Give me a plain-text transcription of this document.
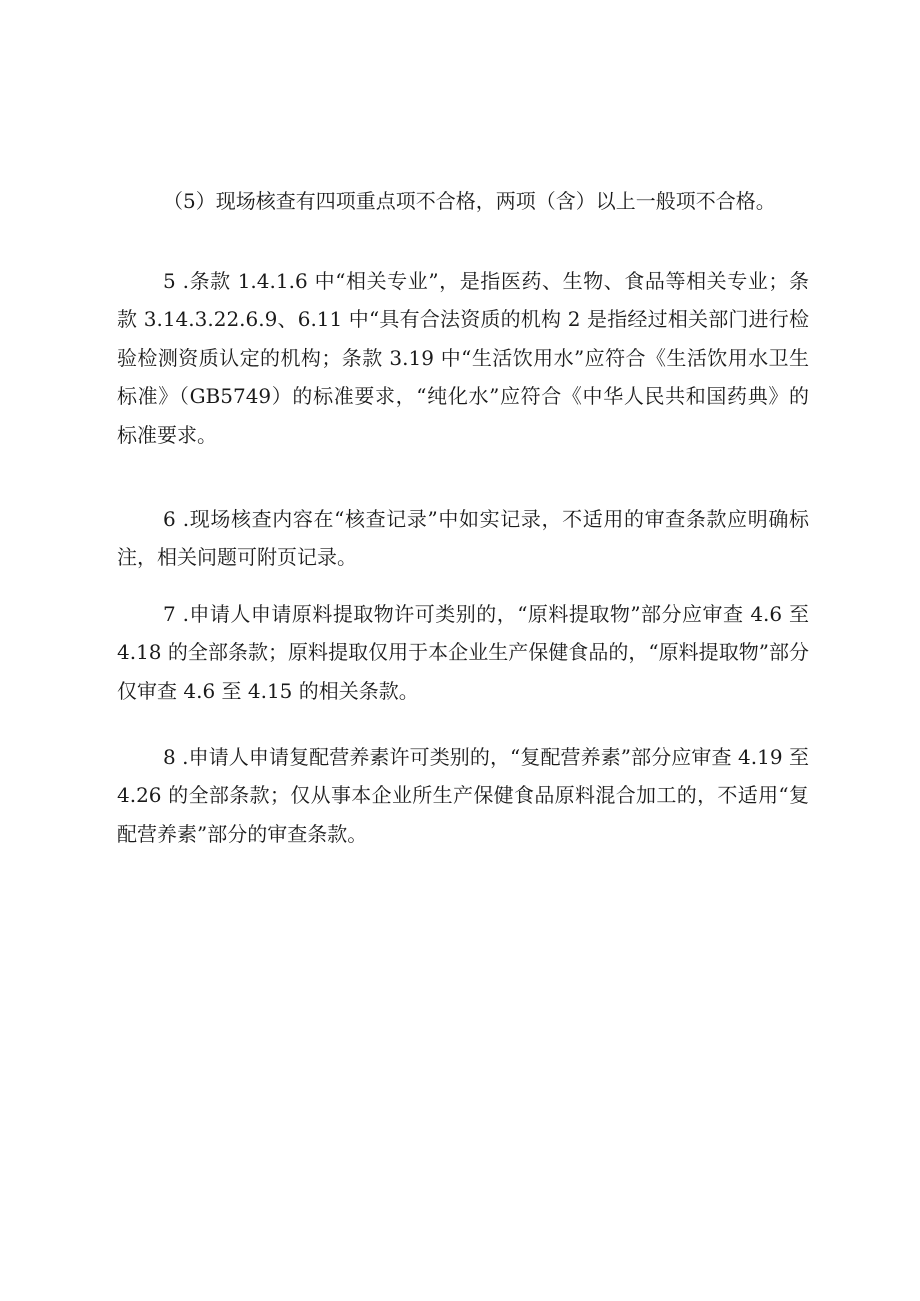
（5）现场核查有四项重点项不合格，两项（含）以上一般项不合格。

5 .条款 1.4.1.6 中“相关专业”，是指医药、生物、食品等相关专业；条款 3.14.3.22.6.9、6.11 中“具有合法资质的机构 2 是指经过相关部门进行检验检测资质认定的机构；条款 3.19 中“生活饮用水”应符合《生活饮用水卫生标准》（GB5749）的标准要求，“纯化水”应符合《中华人民共和国药典》的标准要求。

6 .现场核查内容在“核查记录”中如实记录，不适用的审查条款应明确标注，相关问题可附页记录。

7 .申请人申请原料提取物许可类别的，“原料提取物”部分应审查 4.6 至 4.18 的全部条款；原料提取仅用于本企业生产保健食品的，“原料提取物”部分仅审查 4.6 至 4.15 的相关条款。

8 .申请人申请复配营养素许可类别的，“复配营养素”部分应审查 4.19 至 4.26 的全部条款；仅从事本企业所生产保健食品原料混合加工的，不适用“复配营养素”部分的审查条款。
